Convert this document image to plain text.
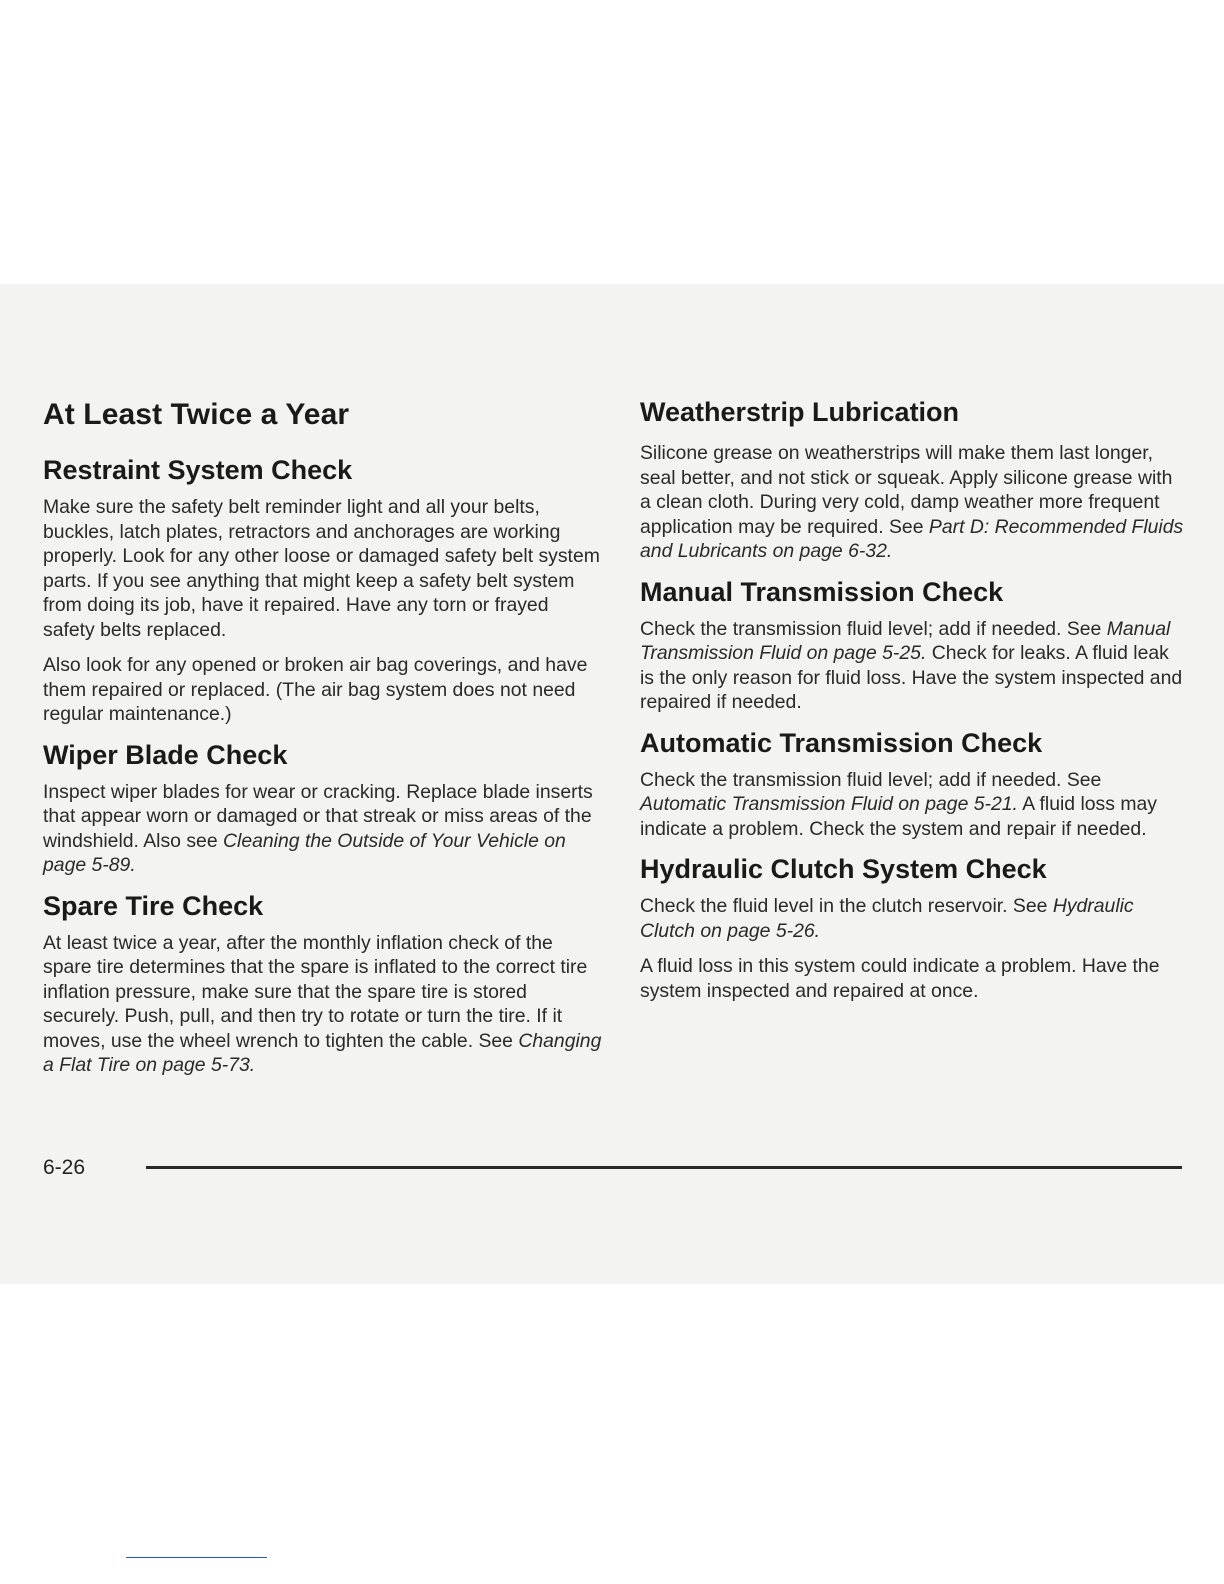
At Least Twice a Year
Restraint System Check

Make sure the safety belt reminder light and all your belts, buckles, latch plates, retractors and anchorages are working properly. Look for any other loose or damaged safety belt system parts. If you see anything that might keep a safety belt system from doing its job, have it repaired. Have any torn or frayed safety belts replaced.

Also look for any opened or broken air bag coverings, and have them repaired or replaced. (The air bag system does not need regular maintenance.)

Wiper Blade Check

Inspect wiper blades for wear or cracking. Replace blade inserts that appear worn or damaged or that streak or miss areas of the windshield. Also see Cleaning the Outside of Your Vehicle on page 5-89.

Spare Tire Check

At least twice a year, after the monthly inflation check of the spare tire determines that the spare is inflated to the correct tire inflation pressure, make sure that the spare tire is stored securely. Push, pull, and then try to rotate or turn the tire. If it moves, use the wheel wrench to tighten the cable. See Changing a Flat Tire on page 5-73.

Weatherstrip Lubrication

Silicone grease on weatherstrips will make them last longer, seal better, and not stick or squeak. Apply silicone grease with a clean cloth. During very cold, damp weather more frequent application may be required. See Part D: Recommended Fluids and Lubricants on page 6-32.

Manual Transmission Check

Check the transmission fluid level; add if needed. See Manual Transmission Fluid on page 5-25. Check for leaks. A fluid leak is the only reason for fluid loss. Have the system inspected and repaired if needed.

Automatic Transmission Check

Check the transmission fluid level; add if needed. See Automatic Transmission Fluid on page 5-21. A fluid loss may indicate a problem. Check the system and repair if needed.

Hydraulic Clutch System Check

Check the fluid level in the clutch reservoir. See Hydraulic Clutch on page 5-26.

A fluid loss in this system could indicate a problem. Have the system inspected and repaired at once.

6-26
